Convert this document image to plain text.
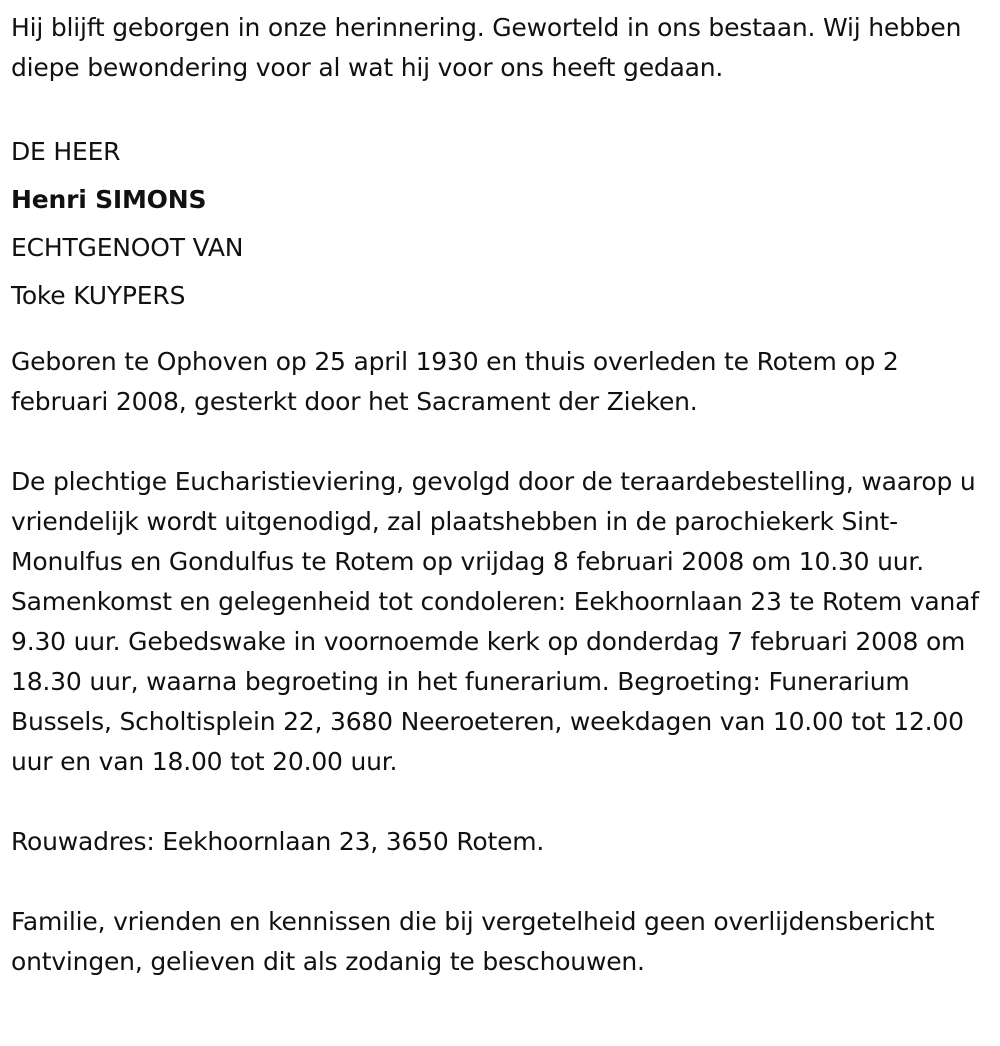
Hij blijft geborgen in onze herinnering. Geworteld in ons bestaan. Wij hebben diepe bewondering voor al wat hij voor ons heeft gedaan.

DE HEER
Henri SIMONS
ECHTGENOOT VAN
Toke KUYPERS

Geboren te Ophoven op 25 april 1930 en thuis overleden te Rotem op 2 februari 2008, gesterkt door het Sacrament der Zieken.

De plechtige Eucharistieviering, gevolgd door de teraardebestelling, waarop u vriendelijk wordt uitgenodigd, zal plaatshebben in de parochiekerk Sint-Monulfus en Gondulfus te Rotem op vrijdag 8 februari 2008 om 10.30 uur. Samenkomst en gelegenheid tot condoleren: Eekhoornlaan 23 te Rotem vanaf 9.30 uur. Gebedswake in voornoemde kerk op donderdag 7 februari 2008 om 18.30 uur, waarna begroeting in het funerarium. Begroeting: Funerarium Bussels, Scholtisplein 22, 3680 Neeroeteren, weekdagen van 10.00 tot 12.00 uur en van 18.00 tot 20.00 uur.

Rouwadres: Eekhoornlaan 23, 3650 Rotem.

Familie, vrienden en kennissen die bij vergetelheid geen overlijdensbericht ontvingen, gelieven dit als zodanig te beschouwen.
